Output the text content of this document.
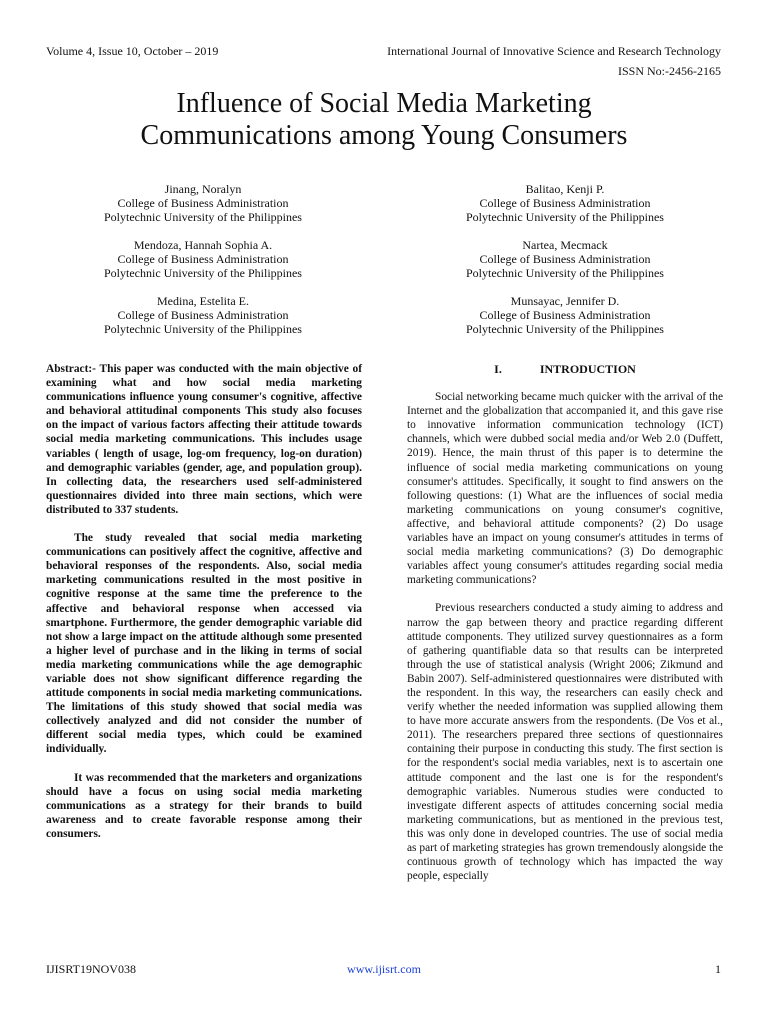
Volume 4, Issue 10, October – 2019	International Journal of Innovative Science and Research Technology
ISSN No:-2456-2165
Influence of Social Media Marketing
Communications among Young Consumers
Jinang, Noralyn
College of Business Administration
Polytechnic University of the Philippines
Balitao, Kenji P.
College of Business Administration
Polytechnic University of the Philippines
Mendoza, Hannah Sophia A.
College of Business Administration
Polytechnic University of the Philippines
Nartea, Mecmack
College of Business Administration
Polytechnic University of the Philippines
Medina, Estelita E.
College of Business Administration
Polytechnic University of the Philippines
Munsayac, Jennifer D.
College of Business Administration
Polytechnic University of the Philippines

Abstract:- This paper was conducted with the main objective of examining what and how social media marketing communications influence young consumer's cognitive, affective and behavioral attitudinal components This study also focuses on the impact of various factors affecting their attitude towards social media marketing communications. This includes usage variables ( length of usage, log-om frequency, log-on duration) and demographic variables (gender, age, and population group). In collecting data, the researchers used self-administered questionnaires divided into three main sections, which were distributed to 337 students.

The study revealed that social media marketing communications can positively affect the cognitive, affective and behavioral responses of the respondents. Also, social media marketing communications resulted in the most positive in cognitive response at the same time the preference to the affective and behavioral response when accessed via smartphone. Furthermore, the gender demographic variable did not show a large impact on the attitude although some presented a higher level of purchase and in the liking in terms of social media marketing communications while the age demographic variable does not show significant difference regarding the attitude components in social media marketing communications. The limitations of this study showed that social media was collectively analyzed and did not consider the number of different social media types, which could be examined individually.

It was recommended that the marketers and organizations should have a focus on using social media marketing communications as a strategy for their brands to build awareness and to create favorable response among their consumers.

I.	INTRODUCTION

Social networking became much quicker with the arrival of the Internet and the globalization that accompanied it, and this gave rise to innovative information communication technology (ICT) channels, which were dubbed social media and/or Web 2.0 (Duffett, 2019). Hence, the main thrust of this paper is to determine the influence of social media marketing communications on young consumer's attitudes. Specifically, it sought to find answers on the following questions: (1) What are the influences of social media marketing communications on young consumer's cognitive, affective, and behavioral attitude components? (2) Do usage variables have an impact on young consumer's attitudes in terms of social media marketing communications? (3) Do demographic variables affect young consumer's attitudes regarding social media marketing communications?

Previous researchers conducted a study aiming to address and narrow the gap between theory and practice regarding different attitude components. They utilized survey questionnaires as a form of gathering quantifiable data so that results can be interpreted through the use of statistical analysis (Wright 2006; Zikmund and Babin 2007). Self-administered questionnaires were distributed with the respondent. In this way, the researchers can easily check and verify whether the needed information was supplied allowing them to have more accurate answers from the respondents. (De Vos et al., 2011). The researchers prepared three sections of questionnaires containing their purpose in conducting this study. The first section is for the respondent's social media variables, next is to ascertain one attitude component and the last one is for the respondent's demographic variables. Numerous studies were conducted to investigate different aspects of attitudes concerning social media marketing communications, but as mentioned in the previous test, this was only done in developed countries. The use of social media as part of marketing strategies has grown tremendously alongside the continuous growth of technology which has impacted the way people, especially

IJISRT19NOV038	www.ijisrt.com	1
